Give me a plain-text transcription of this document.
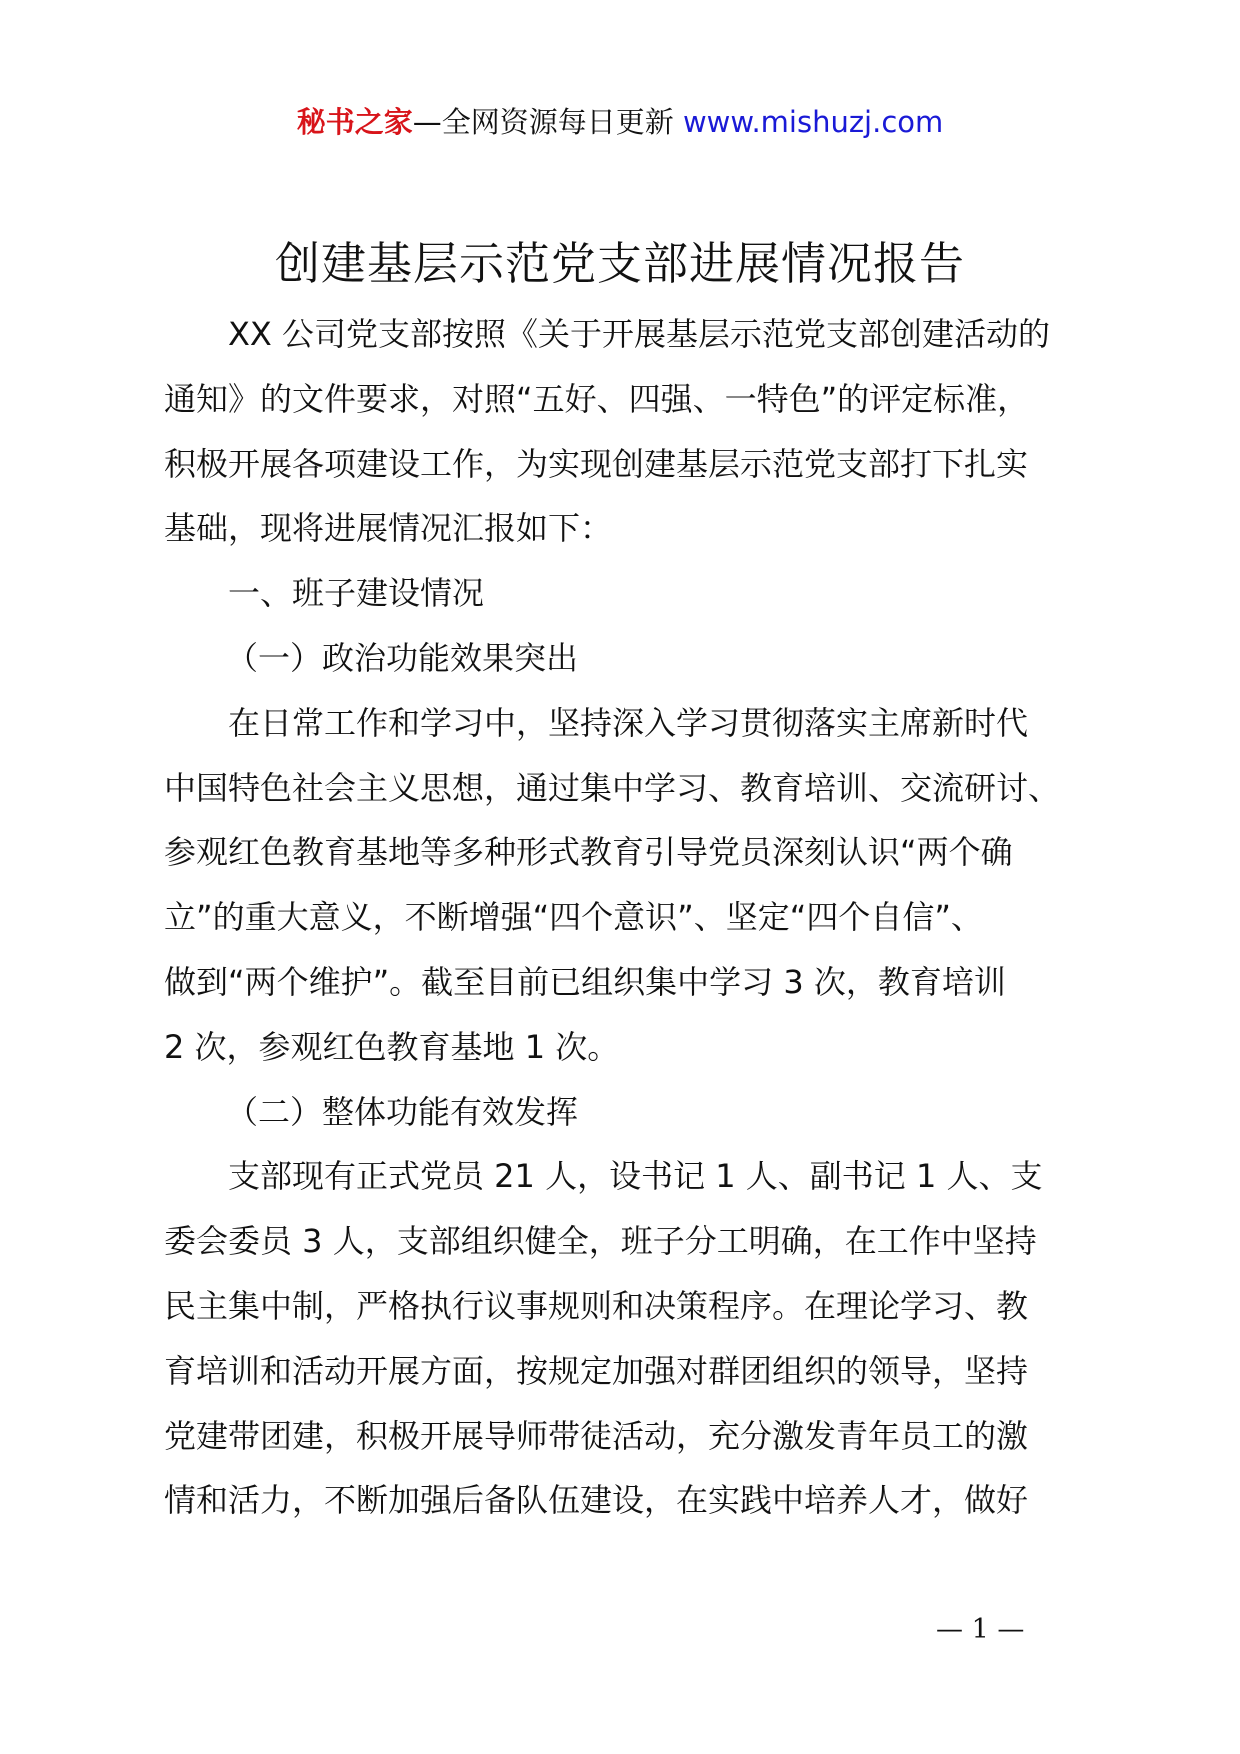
秘书之家—全网资源每日更新 www.mishuzj.com
创建基层示范党支部进展情况报告
XX 公司党支部按照《关于开展基层示范党支部创建活动的
通知》的文件要求，对照“五好、四强、一特色”的评定标准，
积极开展各项建设工作，为实现创建基层示范党支部打下扎实
基础，现将进展情况汇报如下：
一、班子建设情况
（一）政治功能效果突出
在日常工作和学习中，坚持深入学习贯彻落实主席新时代
中国特色社会主义思想，通过集中学习、教育培训、交流研讨、
参观红色教育基地等多种形式教育引导党员深刻认识“两个确
立”的重大意义，不断增强“四个意识”、坚定“四个自信”、
做到“两个维护”。截至目前已组织集中学习 3 次，教育培训
2 次，参观红色教育基地 1 次。
（二）整体功能有效发挥
支部现有正式党员 21 人，设书记 1 人、副书记 1 人、支
委会委员 3 人，支部组织健全，班子分工明确，在工作中坚持
民主集中制，严格执行议事规则和决策程序。在理论学习、教
育培训和活动开展方面，按规定加强对群团组织的领导，坚持
党建带团建，积极开展导师带徒活动，充分激发青年员工的激
情和活力，不断加强后备队伍建设，在实践中培养人才，做好
— 1 —
